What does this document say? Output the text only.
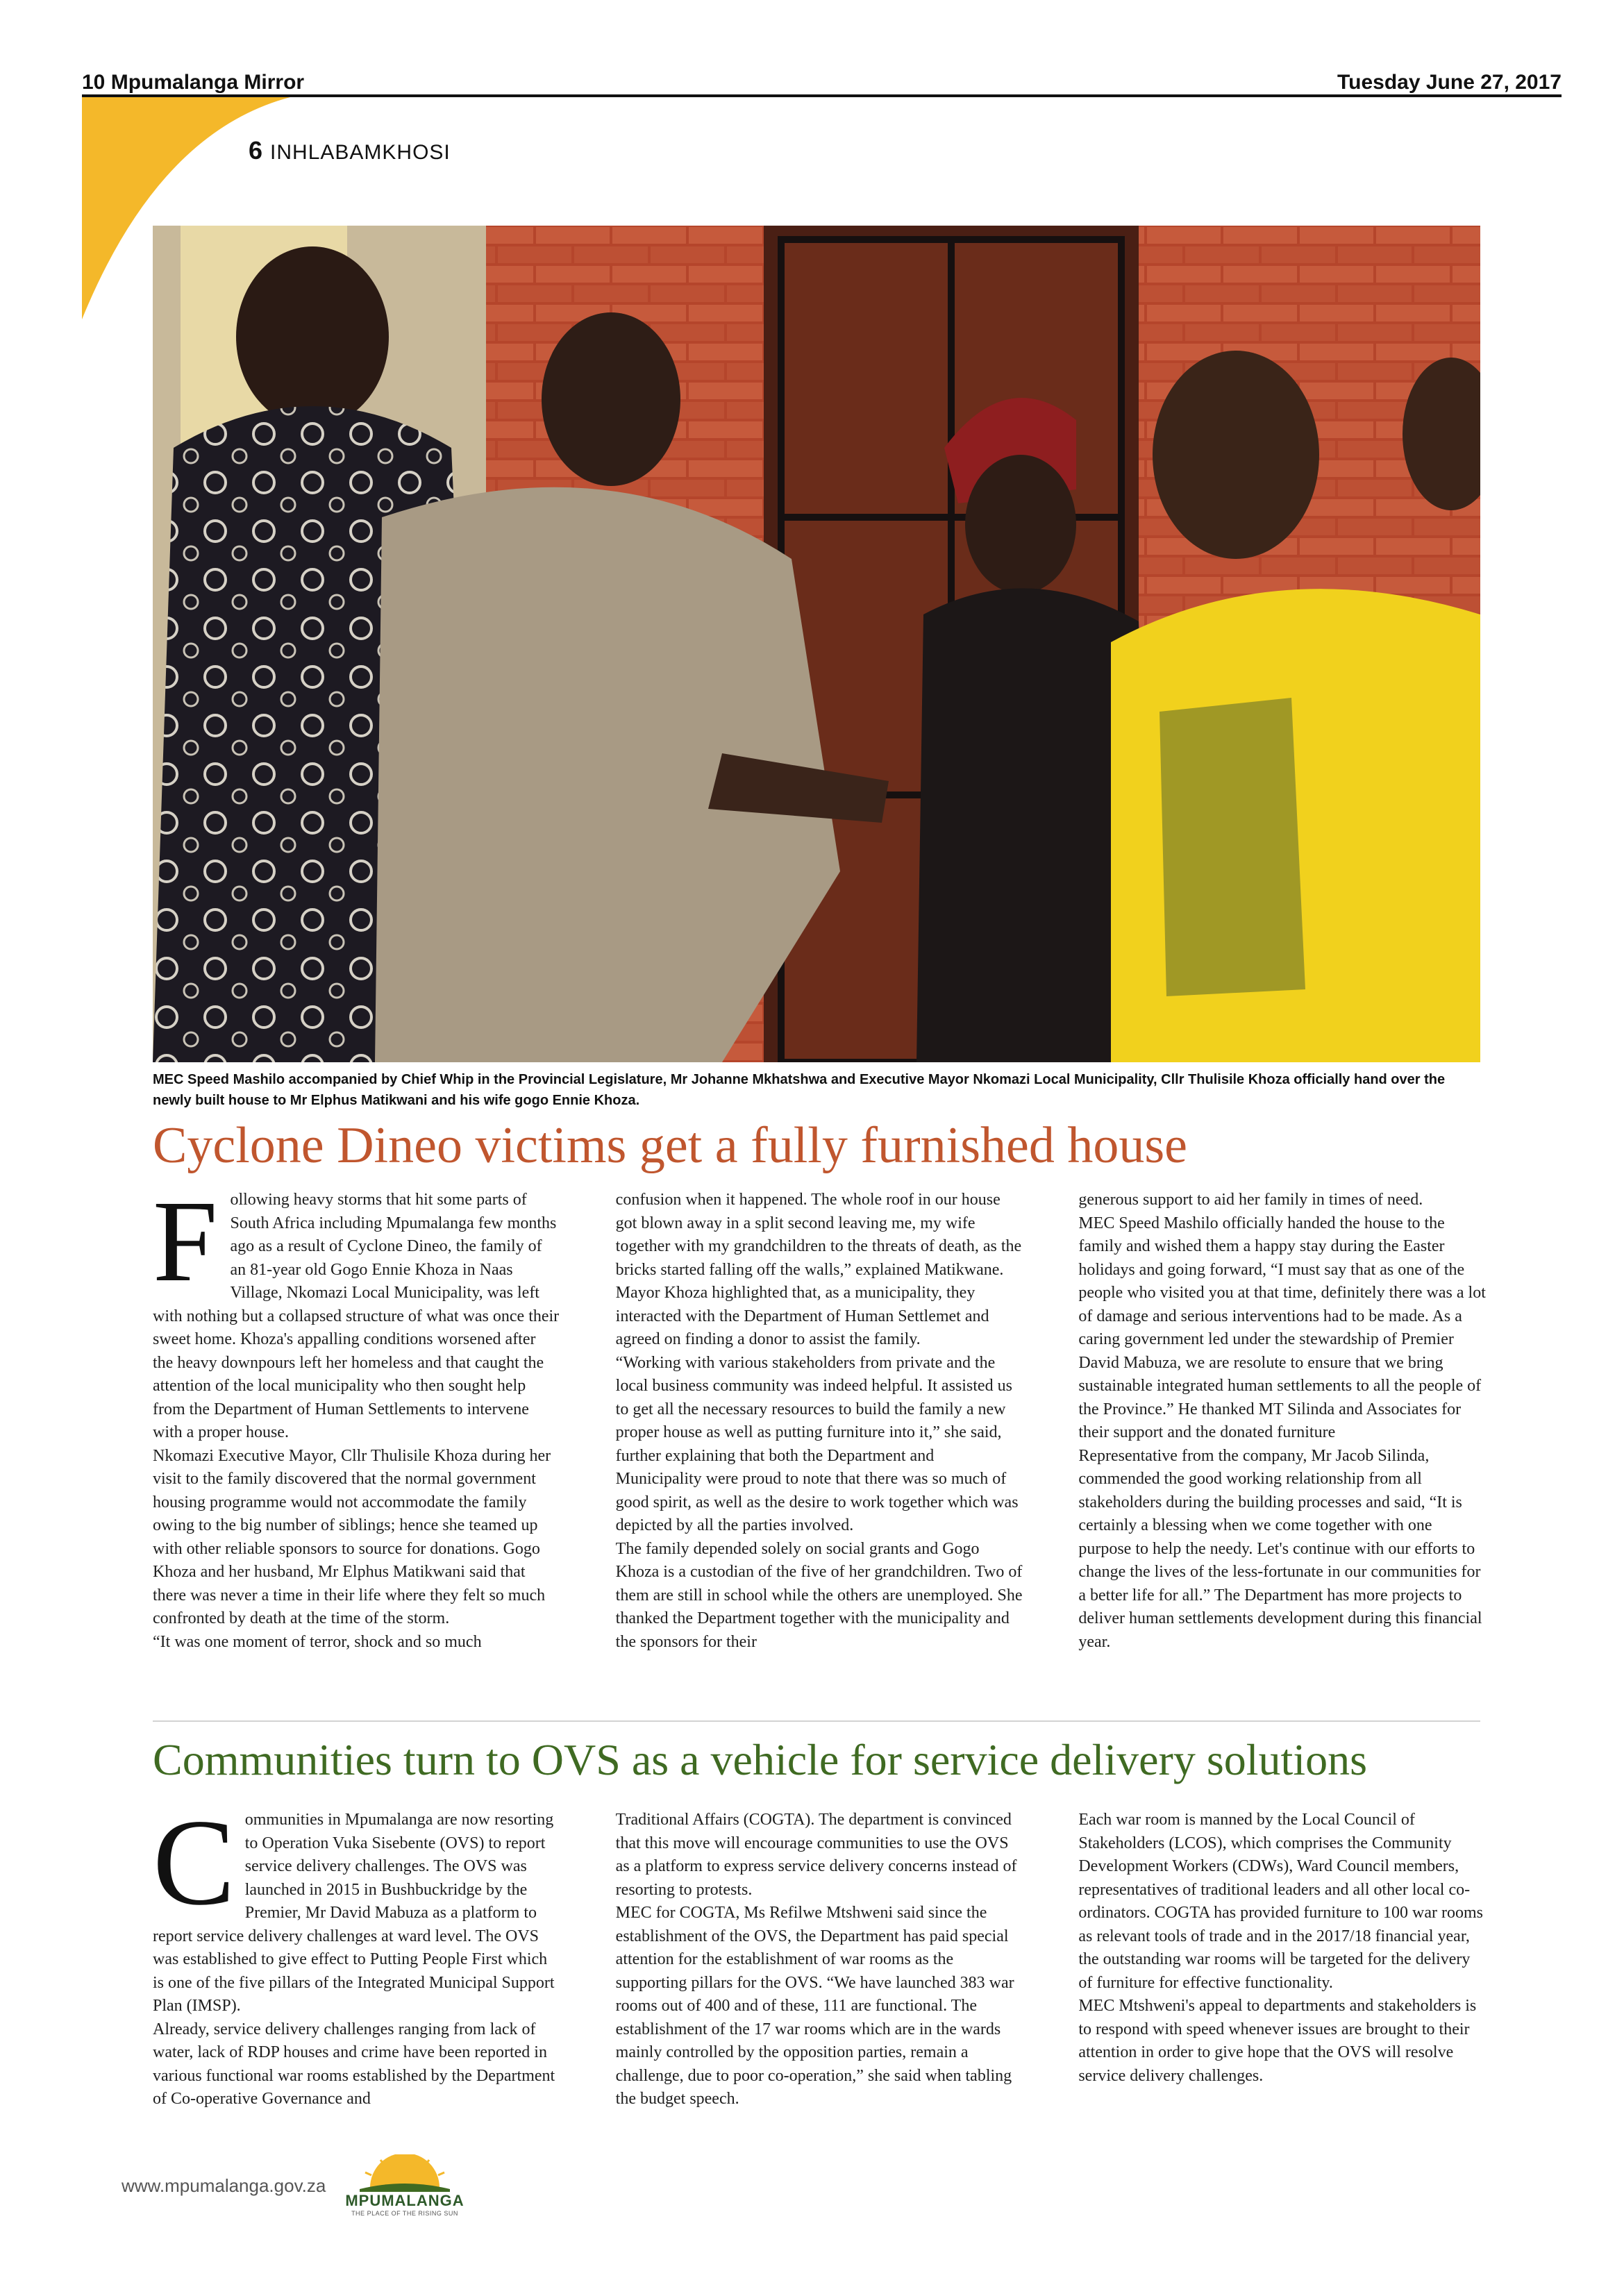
10 Mpumalanga Mirror	Tuesday June 27, 2017
6 INHLABAMKHOSI
MEC Speed Mashilo accompanied by Chief Whip in the Provincial Legislature, Mr Johanne Mkhatshwa and Executive Mayor Nkomazi Local Municipality, Cllr Thulisile Khoza officially hand over the newly built house to Mr Elphus Matikwani and his wife gogo Ennie Khoza.
Cyclone Dineo victims get a fully furnished house
F ollowing heavy storms that hit some parts of South Africa including Mpumalanga few months ago as a result of Cyclone Dineo, the family of an 81-year old Gogo Ennie Khoza in Naas Village, Nkomazi Local Municipality, was left with nothing but a collapsed structure of what was once their sweet home. Khoza's appalling conditions worsened after the heavy downpours left her homeless and that caught the attention of the local municipality who then sought help from the Department of Human Settlements to intervene with a proper house.

Nkomazi Executive Mayor, Cllr Thulisile Khoza during her visit to the family discovered that the normal government housing programme would not accommodate the family owing to the big number of siblings; hence she teamed up with other reliable sponsors to source for donations. Gogo Khoza and her husband, Mr Elphus Matikwani said that there was never a time in their life where they felt so much confronted by death at the time of the storm.

“It was one moment of terror, shock and so much

confusion when it happened. The whole roof in our house got blown away in a split second leaving me, my wife together with my grandchildren to the threats of death, as the bricks started falling off the walls,” explained Matikwane.

Mayor Khoza highlighted that, as a municipality, they interacted with the Department of Human Settlemet and agreed on finding a donor to assist the family.

“Working with various stakeholders from private and the local business community was indeed helpful. It assisted us to get all the necessary resources to build the family a new proper house as well as putting furniture into it,” she said, further explaining that both the Department and Municipality were proud to note that there was so much of good spirit, as well as the desire to work together which was depicted by all the parties involved.

The family depended solely on social grants and Gogo Khoza is a custodian of the five of her grandchildren. Two of them are still in school while the others are unemployed. She thanked the Department together with the municipality and the sponsors for their

generous support to aid her family in times of need.

MEC Speed Mashilo officially handed the house to the family and wished them a happy stay during the Easter holidays and going forward, “I must say that as one of the people who visited you at that time, definitely there was a lot of damage and serious interventions had to be made. As a caring government led under the stewardship of Premier David Mabuza, we are resolute to ensure that we bring sustainable integrated human settlements to all the people of the Province.” He thanked MT Silinda and Associates for their support and the donated furniture

Representative from the company, Mr Jacob Silinda, commended the good working relationship from all stakeholders during the building processes and said, “It is certainly a blessing when we come together with one purpose to help the needy. Let's continue with our efforts to change the lives of the less-fortunate in our communities for a better life for all.” The Department has more projects to deliver human settlements development during this financial year.

Communities turn to OVS as a vehicle for service delivery solutions
C ommunities in Mpumalanga are now resorting to Operation Vuka Sisebente (OVS) to report service delivery challenges. The OVS was launched in 2015 in Bushbuckridge by the Premier, Mr David Mabuza as a platform to report service delivery challenges at ward level. The OVS was established to give effect to Putting People First which is one of the five pillars of the Integrated Municipal Support Plan (IMSP).

Already, service delivery challenges ranging from lack of water, lack of RDP houses and crime have been reported in various functional war rooms established by the Department of Co-operative Governance and

Traditional Affairs (COGTA). The department is convinced that this move will encourage communities to use the OVS as a platform to express service delivery concerns instead of resorting to protests.

MEC for COGTA, Ms Refilwe Mtshweni said since the establishment of the OVS, the Department has paid special attention for the establishment of war rooms as the supporting pillars for the OVS. “We have launched 383 war rooms out of 400 and of these, 111 are functional. The establishment of the 17 war rooms which are in the wards mainly controlled by the opposition parties, remain a challenge, due to poor co-operation,” she said when tabling the budget speech.

Each war room is manned by the Local Council of Stakeholders (LCOS), which comprises the Community Development Workers (CDWs), Ward Council members, representatives of traditional leaders and all other local co-ordinators. COGTA has provided furniture to 100 war rooms as relevant tools of trade and in the 2017/18 financial year, the outstanding war rooms will be targeted for the delivery of furniture for effective functionality.

MEC Mtshweni's appeal to departments and stakeholders is to respond with speed whenever issues are brought to their attention in order to give hope that the OVS will resolve service delivery challenges.

www.mpumalanga.gov.za
MPUMALANGA
THE PLACE OF THE RISING SUN
